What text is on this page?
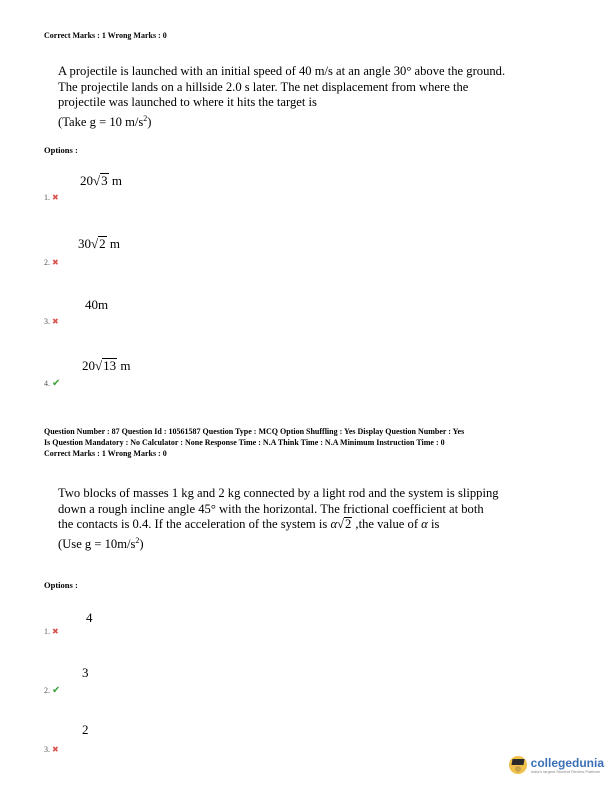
Correct Marks : 1 Wrong Marks : 0
A projectile is launched with an initial speed of 40 m/s at an angle 30° above the ground.
The projectile lands on a hillside 2.0 s later. The net displacement from where the
projectile was launched to where it hits the target is
(Take g = 10 $m/s^2$)
Options :
20√3 m
1. ✖
30√2 m
2. ✖
40m
3. ✖
20√13 m
4. ✔
Question Number : 87 Question Id : 10561587 Question Type : MCQ Option Shuffling : Yes Display Question Number : Yes
Is Question Mandatory : No Calculator : None Response Time : N.A Think Time : N.A Minimum Instruction Time : 0
Correct Marks : 1 Wrong Marks : 0
Two blocks of masses 1 kg and 2 kg connected by a light rod and the system is slipping
down a rough incline angle 45° with the horizontal. The frictional coefficient at both
the contacts is 0.4. If the acceleration of the system is α√2 ,the value of α is
(Use $g = 10m/s^2$)
Options :
4
1. ✖
3
2. ✔
2
3. ✖
collegedunia
India's largest Student Review Platform
